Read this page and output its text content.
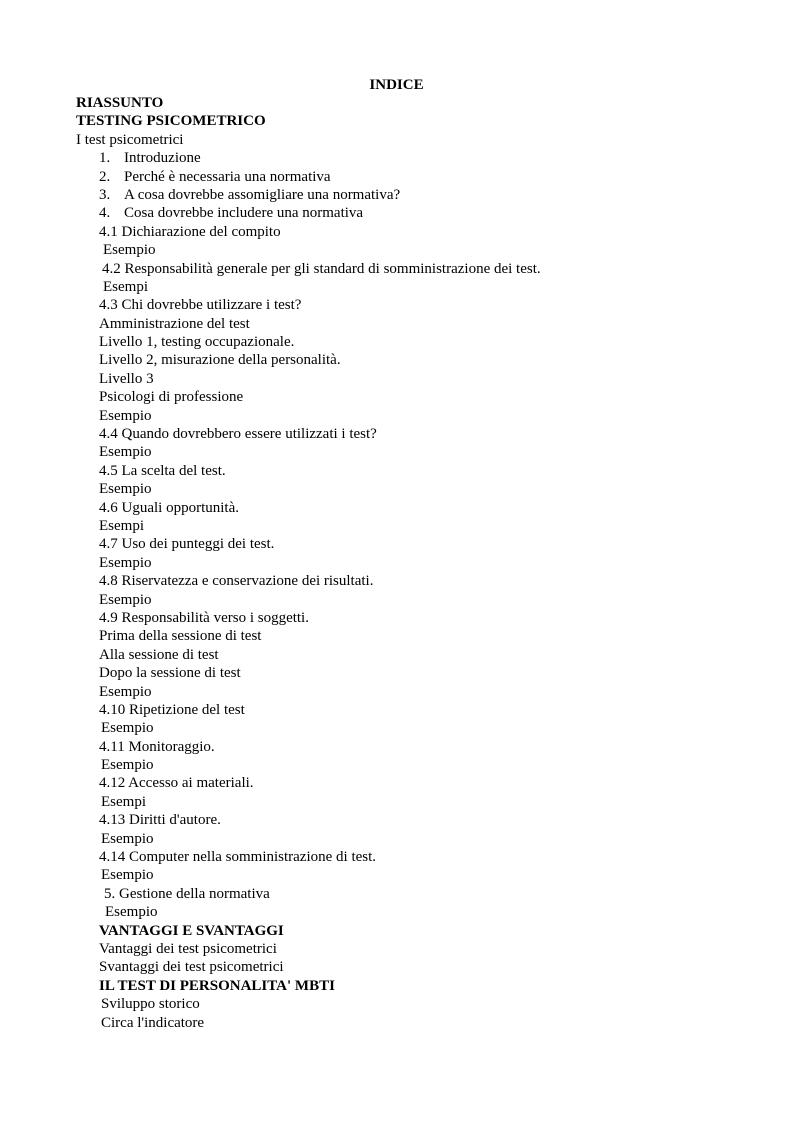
INDICE
RIASSUNTO
TESTING PSICOMETRICO
I test psicometrici
1. Introduzione
2. Perché è necessaria una normativa
3. A cosa dovrebbe assomigliare una normativa?
4. Cosa dovrebbe includere una normativa
4.1 Dichiarazione del compito
Esempio
4.2 Responsabilità generale per gli standard di somministrazione dei test.
Esempi
4.3 Chi dovrebbe utilizzare i test?
Amministrazione del test
Livello 1, testing occupazionale.
Livello 2, misurazione della personalità.
Livello 3
Psicologi di professione
Esempio
4.4 Quando dovrebbero essere utilizzati i test?
Esempio
4.5 La scelta del test.
Esempio
4.6 Uguali opportunità.
Esempi
4.7 Uso dei punteggi dei test.
Esempio
4.8 Riservatezza e conservazione dei risultati.
Esempio
4.9 Responsabilità verso i soggetti.
Prima della sessione di test
Alla sessione di test
Dopo la sessione di test
Esempio
4.10 Ripetizione del test
Esempio
4.11 Monitoraggio.
Esempio
4.12 Accesso ai materiali.
Esempi
4.13 Diritti d'autore.
Esempio
4.14 Computer nella somministrazione di test.
Esempio
5. Gestione della normativa
Esempio
VANTAGGI E SVANTAGGI
Vantaggi dei test psicometrici
Svantaggi dei test psicometrici
IL TEST DI PERSONALITA' MBTI
Sviluppo storico
Circa l'indicatore
